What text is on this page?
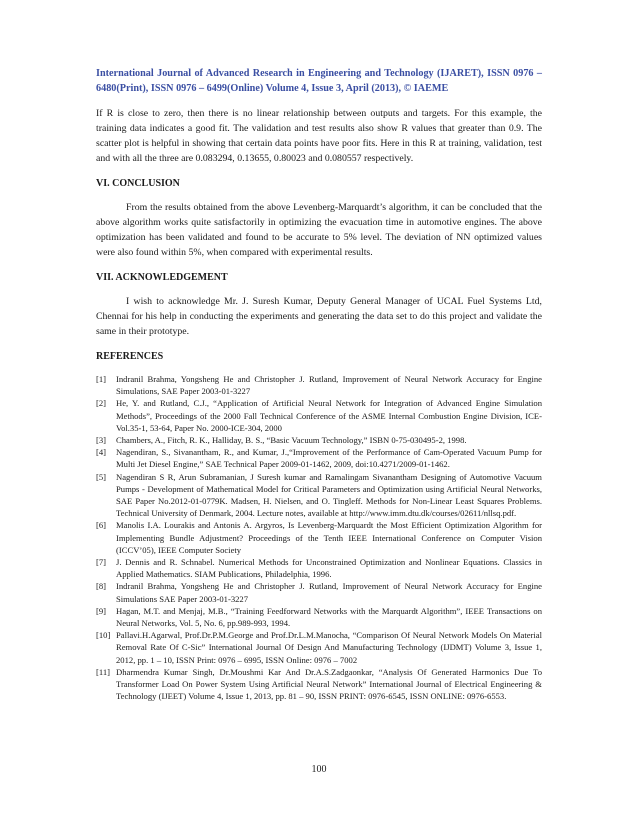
International Journal of Advanced Research in Engineering and Technology (IJARET), ISSN 0976 – 6480(Print), ISSN 0976 – 6499(Online) Volume 4, Issue 3, April (2013), © IAEME

If R is close to zero, then there is no linear relationship between outputs and targets. For this example, the training data indicates a good fit. The validation and test results also show R values that greater than 0.9. The scatter plot is helpful in showing that certain data points have poor fits. Here in this R at training, validation, test and with all the three are 0.083294, 0.13655, 0.80023 and 0.080557 respectively.

VI. CONCLUSION

From the results obtained from the above Levenberg-Marquardt’s algorithm, it can be concluded that the above algorithm works quite satisfactorily in optimizing the evacuation time in automotive engines. The above optimization has been validated and found to be accurate to 5% level. The deviation of NN optimized values were also found within 5%, when compared with experimental results.

VII. ACKNOWLEDGEMENT

I wish to acknowledge Mr. J. Suresh Kumar, Deputy General Manager of UCAL Fuel Systems Ltd, Chennai for his help in conducting the experiments and generating the data set to do this project and validate the same in their prototype.

REFERENCES
[1]	Indranil Brahma, Yongsheng He and Christopher J. Rutland, Improvement of Neural Network Accuracy for Engine Simulations, SAE Paper 2003-01-3227
[2]	He, Y. and Rutland, C.J., “Application of Artificial Neural Network for Integration of Advanced Engine Simulation Methods”, Proceedings of the 2000 Fall Technical Conference of the ASME Internal Combustion Engine Division, ICE-Vol.35-1, 53-64, Paper No. 2000-ICE-304, 2000
[3]	Chambers, A., Fitch, R. K., Halliday, B. S., “Basic Vacuum Technology,” ISBN 0-75-030495-2, 1998.
[4]	Nagendiran, S., Sivanantham, R., and Kumar, J.,“Improvement of the Performance of Cam-Operated Vacuum Pump for Multi Jet Diesel Engine,” SAE Technical Paper 2009-01-1462, 2009, doi:10.4271/2009-01-1462.
[5]	Nagendiran S R, Arun Subramanian, J Suresh kumar and Ramalingam Sivanantham Designing of Automotive Vacuum Pumps - Development of Mathematical Model for Critical Parameters and Optimization using Artificial Neural Networks, SAE Paper No.2012-01-0779K. Madsen, H. Nielsen, and O. Tingleff. Methods for Non-Linear Least Squares Problems. Technical University of Denmark, 2004. Lecture notes, available at http://www.imm.dtu.dk/courses/02611/nllsq.pdf.
[6]	Manolis I.A. Lourakis and Antonis A. Argyros, Is Levenberg-Marquardt the Most Efficient Optimization Algorithm for Implementing Bundle Adjustment? Proceedings of the Tenth IEEE International Conference on Computer Vision (ICCV’05), IEEE Computer Society
[7]	J. Dennis and R. Schnabel. Numerical Methods for Unconstrained Optimization and Nonlinear Equations. Classics in Applied Mathematics. SIAM Publications, Philadelphia, 1996.
[8]	Indranil Brahma, Yongsheng He and Christopher J. Rutland, Improvement of Neural Network Accuracy for Engine Simulations SAE Paper 2003-01-3227
[9]	Hagan, M.T. and Menjaj, M.B., “Training Feedforward Networks with the Marquardt Algorithm”, IEEE Transactions on Neural Networks, Vol. 5, No. 6, pp.989-993, 1994.
[10] Pallavi.H.Agarwal, Prof.Dr.P.M.George and Prof.Dr.L.M.Manocha, “Comparison Of Neural Network Models On Material Removal Rate Of C-Sic” International Journal Of Design And Manufacturing Technology (IJDMT) Volume 3, Issue 1, 2012, pp. 1 – 10, ISSN Print: 0976 – 6995, ISSN Online: 0976 – 7002
[11] Dharmendra Kumar Singh, Dr.Moushmi Kar And Dr.A.S.Zadgaonkar, “Analysis Of Generated Harmonics Due To Transformer Load On Power System Using Artificial Neural Network” International Journal of Electrical Engineering & Technology (IJEET) Volume 4, Issue 1, 2013, pp. 81 – 90, ISSN PRINT: 0976-6545, ISSN ONLINE: 0976-6553.
100
